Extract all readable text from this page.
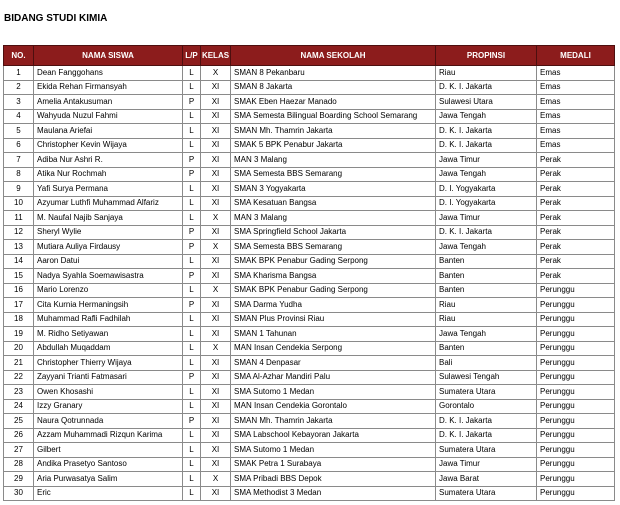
BIDANG STUDI KIMIA
NO.	NAMA SISWA	L/P	KELAS	NAMA SEKOLAH	PROPINSI	MEDALI
1	Dean Fanggohans	L	X	SMAN 8 Pekanbaru	Riau	Emas
2	Ekida Rehan Firmansyah	L	XI	SMAN 8 Jakarta	D. K. I. Jakarta	Emas
3	Amelia Antakusuman	P	XI	SMAK Eben Haezar Manado	Sulawesi Utara	Emas
4	Wahyuda Nuzul Fahmi	L	XI	SMA Semesta Bilingual Boarding School Semarang	Jawa Tengah	Emas
5	Maulana Ariefai	L	XI	SMAN Mh. Thamrin Jakarta	D. K. I. Jakarta	Emas
6	Christopher Kevin Wijaya	L	XI	SMAK 5 BPK Penabur Jakarta	D. K. I. Jakarta	Emas
7	Adiba Nur Ashri R.	P	XI	MAN 3 Malang	Jawa Timur	Perak
8	Atika Nur Rochmah	P	XI	SMA Semesta BBS Semarang	Jawa Tengah	Perak
9	Yafi Surya Permana	L	XI	SMAN 3 Yogyakarta	D. I. Yogyakarta	Perak
10	Azyumar Luthfi Muhammad Alfariz	L	XI	SMA Kesatuan Bangsa	D. I. Yogyakarta	Perak
11	M. Naufal Najib Sanjaya	L	X	MAN 3 Malang	Jawa Timur	Perak
12	Sheryl Wylie	P	XI	SMA Springfield School Jakarta	D. K. I. Jakarta	Perak
13	Mutiara Auliya Firdausy	P	X	SMA Semesta BBS Semarang	Jawa Tengah	Perak
14	Aaron Datui	L	XI	SMAK BPK Penabur Gading Serpong	Banten	Perak
15	Nadya Syahla Soemawisastra	P	XI	SMA Kharisma Bangsa	Banten	Perak
16	Mario Lorenzo	L	X	SMAK BPK Penabur Gading Serpong	Banten	Perunggu
17	Cita Kurnia Hermaningsih	P	XI	SMA Darma Yudha	Riau	Perunggu
18	Muhammad Rafli Fadhilah	L	XI	SMAN Plus Provinsi Riau	Riau	Perunggu
19	M. Ridho Setiyawan	L	XI	SMAN 1 Tahunan	Jawa Tengah	Perunggu
20	Abdullah Muqaddam	L	X	MAN Insan Cendekia Serpong	Banten	Perunggu
21	Christopher Thierry Wijaya	L	XI	SMAN 4 Denpasar	Bali	Perunggu
22	Zayyani Trianti Fatmasari	P	XI	SMA Al-Azhar Mandiri Palu	Sulawesi Tengah	Perunggu
23	Owen Khosashi	L	XI	SMA Sutomo 1 Medan	Sumatera Utara	Perunggu
24	Izzy Granary	L	XI	MAN Insan Cendekia Gorontalo	Gorontalo	Perunggu
25	Naura Qotrunnada	P	XI	SMAN Mh. Thamrin Jakarta	D. K. I. Jakarta	Perunggu
26	Azzam Muhammadi Rizqun Karima	L	XI	SMA Labschool Kebayoran Jakarta	D. K. I. Jakarta	Perunggu
27	Gilbert	L	XI	SMA Sutomo 1 Medan	Sumatera Utara	Perunggu
28	Andika Prasetyo Santoso	L	XI	SMAK Petra 1 Surabaya	Jawa Timur	Perunggu
29	Aria Purwasatya Salim	L	X	SMA Pribadi BBS Depok	Jawa Barat	Perunggu
30	Eric	L	XI	SMA Methodist 3 Medan	Sumatera Utara	Perunggu
